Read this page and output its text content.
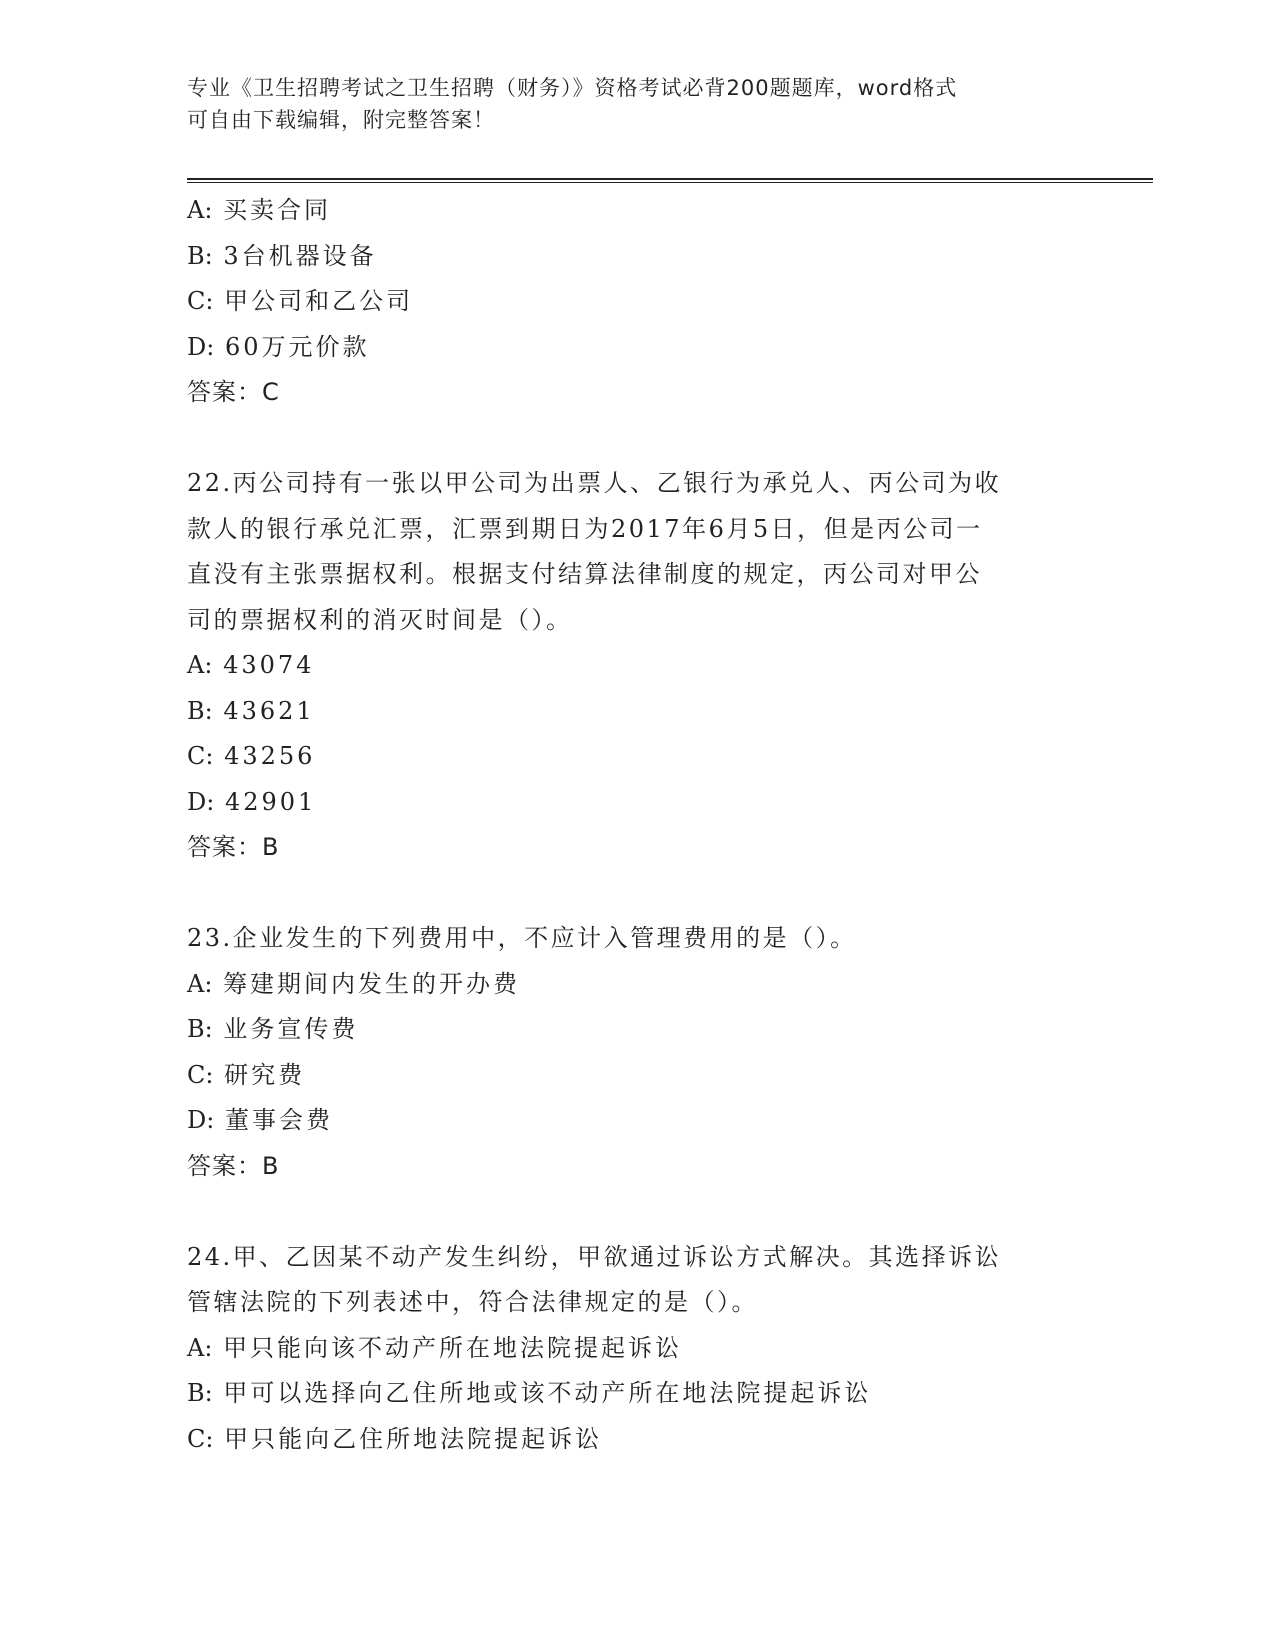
专业《卫生招聘考试之卫生招聘（财务）》资格考试必背200题题库，word格式
可自由下载编辑，附完整答案！
A: 买卖合同
B: 3台机器设备
C: 甲公司和乙公司
D: 60万元价款
答案：C
22.丙公司持有一张以甲公司为出票人、乙银行为承兑人、丙公司为收
款人的银行承兑汇票，汇票到期日为2017年6月5日，但是丙公司一
直没有主张票据权利。根据支付结算法律制度的规定，丙公司对甲公
司的票据权利的消灭时间是（）。
A: 43074
B: 43621
C: 43256
D: 42901
答案：B
23.企业发生的下列费用中，不应计入管理费用的是（）。
A: 筹建期间内发生的开办费
B: 业务宣传费
C: 研究费
D: 董事会费
答案：B
24.甲、乙因某不动产发生纠纷，甲欲通过诉讼方式解决。其选择诉讼
管辖法院的下列表述中，符合法律规定的是（）。
A: 甲只能向该不动产所在地法院提起诉讼
B: 甲可以选择向乙住所地或该不动产所在地法院提起诉讼
C: 甲只能向乙住所地法院提起诉讼
